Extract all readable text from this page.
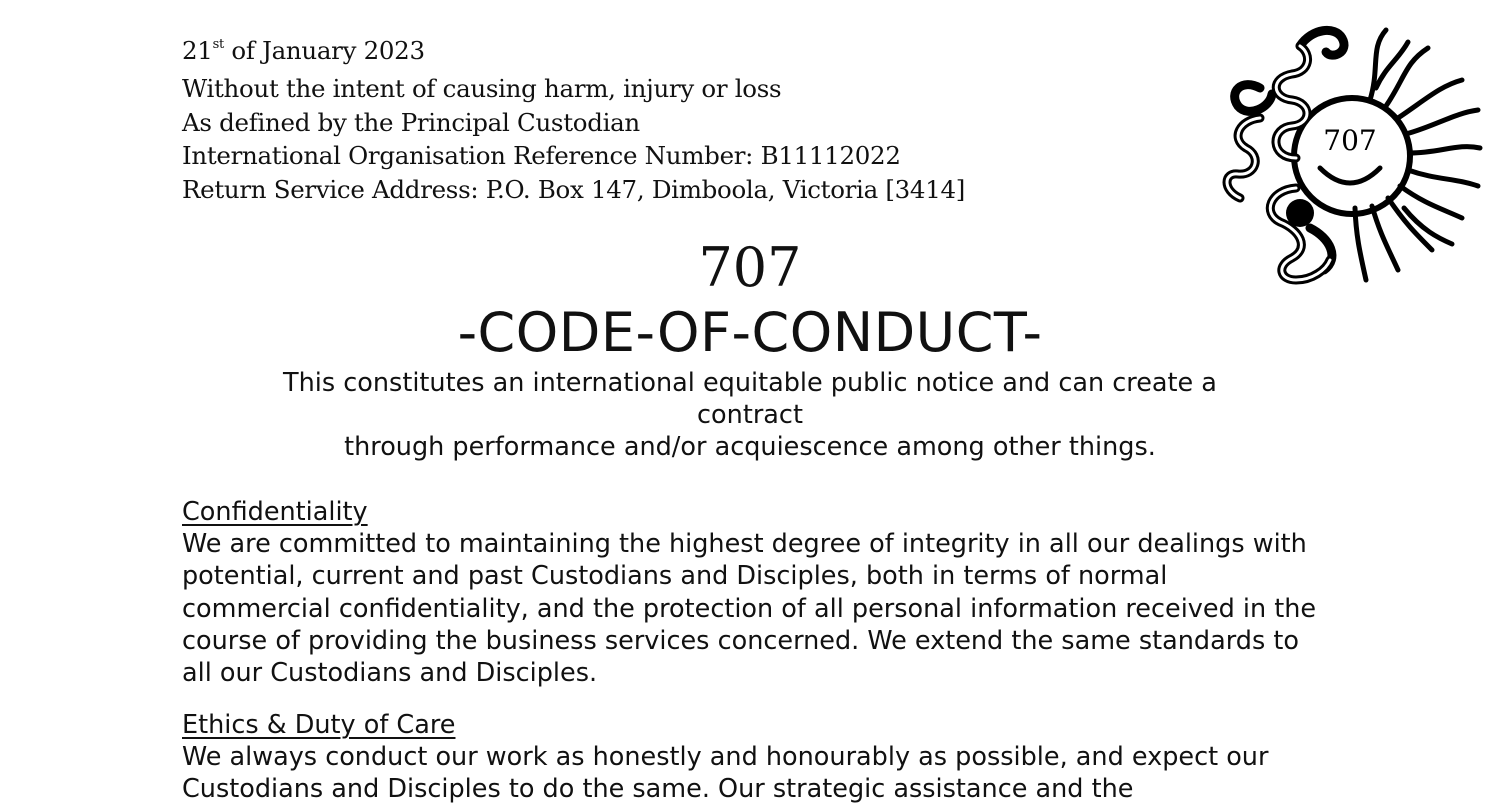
21st of January 2023
Without the intent of causing harm, injury or loss
As defined by the Principal Custodian
International Organisation Reference Number: B11112022
Return Service Address: P.O. Box 147, Dimboola, Victoria [3414]
707
707
-CODE-OF-CONDUCT-
This constitutes an international equitable public notice and can create a contract
through performance and/or acquiescence among other things.
Confidentiality
We are committed to maintaining the highest degree of integrity in all our dealings with potential, current and past Custodians and Disciples, both in terms of normal commercial confidentiality, and the protection of all personal information received in the course of providing the business services concerned. We extend the same standards to all our Custodians and Disciples.
Ethics & Duty of Care
We always conduct our work as honestly and honourably as possible, and expect our Custodians and Disciples to do the same. Our strategic assistance and the
